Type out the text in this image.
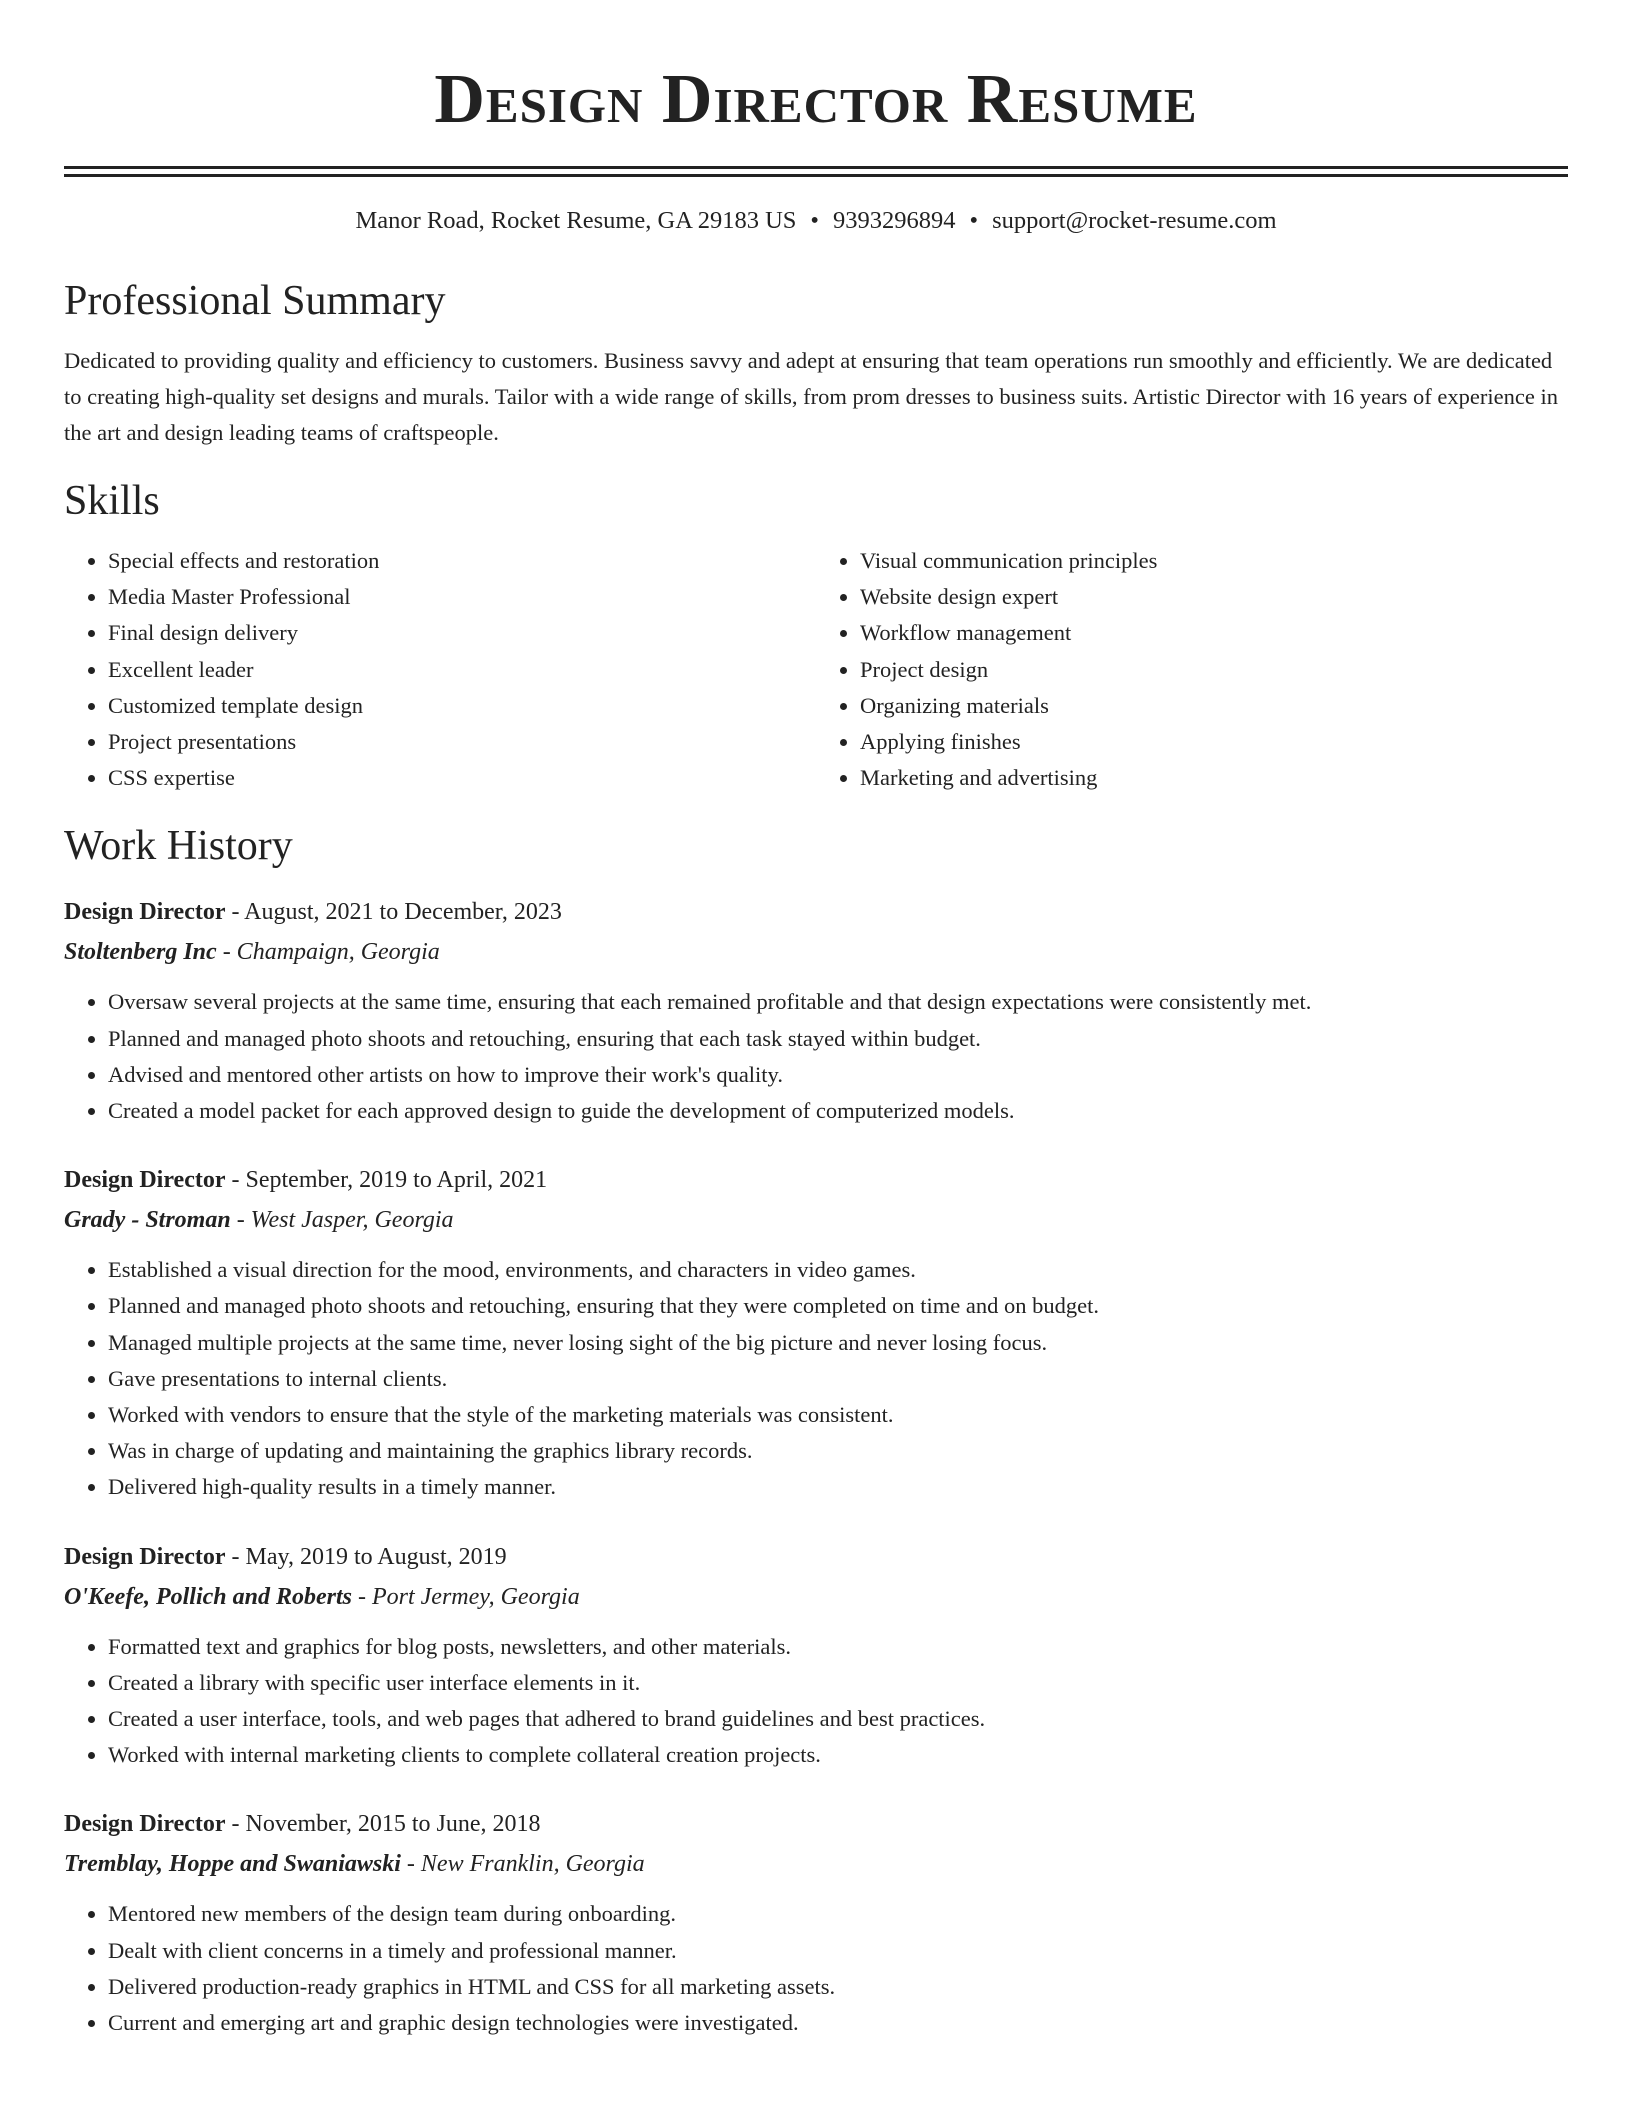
Design Director Resume
Manor Road, Rocket Resume, GA 29183 US • 9393296894 • support@rocket-resume.com
Professional Summary
Dedicated to providing quality and efficiency to customers. Business savvy and adept at ensuring that team operations run smoothly and efficiently. We are dedicated to creating high-quality set designs and murals. Tailor with a wide range of skills, from prom dresses to business suits. Artistic Director with 16 years of experience in the art and design leading teams of craftspeople.
Skills
• Special effects and restoration
• Media Master Professional
• Final design delivery
• Excellent leader
• Customized template design
• Project presentations
• CSS expertise
• Visual communication principles
• Website design expert
• Workflow management
• Project design
• Organizing materials
• Applying finishes
• Marketing and advertising
Work History
Design Director - August, 2021 to December, 2023
Stoltenberg Inc - Champaign, Georgia
• Oversaw several projects at the same time, ensuring that each remained profitable and that design expectations were consistently met.
• Planned and managed photo shoots and retouching, ensuring that each task stayed within budget.
• Advised and mentored other artists on how to improve their work's quality.
• Created a model packet for each approved design to guide the development of computerized models.
Design Director - September, 2019 to April, 2021
Grady - Stroman - West Jasper, Georgia
• Established a visual direction for the mood, environments, and characters in video games.
• Planned and managed photo shoots and retouching, ensuring that they were completed on time and on budget.
• Managed multiple projects at the same time, never losing sight of the big picture and never losing focus.
• Gave presentations to internal clients.
• Worked with vendors to ensure that the style of the marketing materials was consistent.
• Was in charge of updating and maintaining the graphics library records.
• Delivered high-quality results in a timely manner.
Design Director - May, 2019 to August, 2019
O'Keefe, Pollich and Roberts - Port Jermey, Georgia
• Formatted text and graphics for blog posts, newsletters, and other materials.
• Created a library with specific user interface elements in it.
• Created a user interface, tools, and web pages that adhered to brand guidelines and best practices.
• Worked with internal marketing clients to complete collateral creation projects.
Design Director - November, 2015 to June, 2018
Tremblay, Hoppe and Swaniawski - New Franklin, Georgia
• Mentored new members of the design team during onboarding.
• Dealt with client concerns in a timely and professional manner.
• Delivered production-ready graphics in HTML and CSS for all marketing assets.
• Current and emerging art and graphic design technologies were investigated.
